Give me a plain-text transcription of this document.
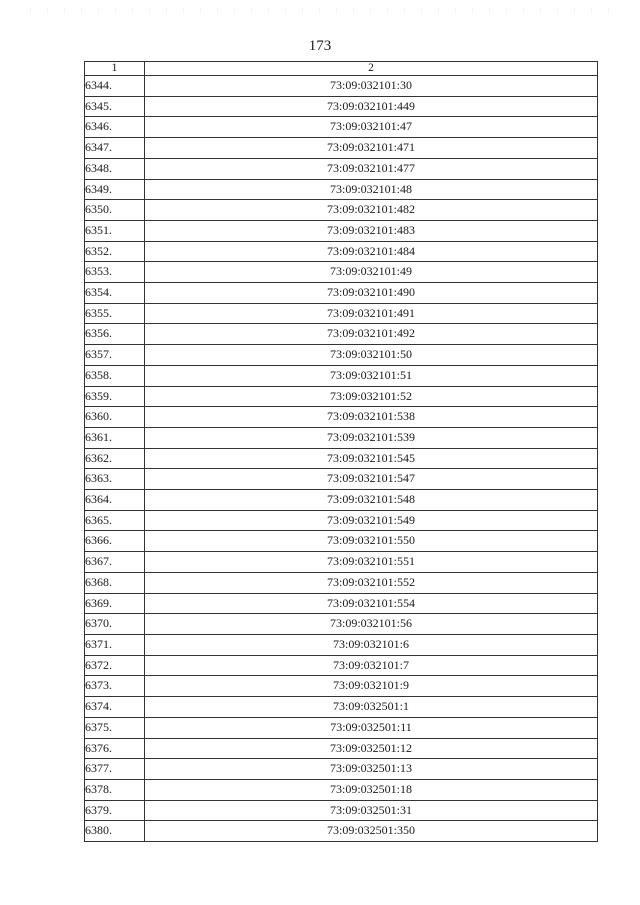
173
1	2
6344.	73:09:032101:30
6345.	73:09:032101:449
6346.	73:09:032101:47
6347.	73:09:032101:471
6348.	73:09:032101:477
6349.	73:09:032101:48
6350.	73:09:032101:482
6351.	73:09:032101:483
6352.	73:09:032101:484
6353.	73:09:032101:49
6354.	73:09:032101:490
6355.	73:09:032101:491
6356.	73:09:032101:492
6357.	73:09:032101:50
6358.	73:09:032101:51
6359.	73:09:032101:52
6360.	73:09:032101:538
6361.	73:09:032101:539
6362.	73:09:032101:545
6363.	73:09:032101:547
6364.	73:09:032101:548
6365.	73:09:032101:549
6366.	73:09:032101:550
6367.	73:09:032101:551
6368.	73:09:032101:552
6369.	73:09:032101:554
6370.	73:09:032101:56
6371.	73:09:032101:6
6372.	73:09:032101:7
6373.	73:09:032101:9
6374.	73:09:032501:1
6375.	73:09:032501:11
6376.	73:09:032501:12
6377.	73:09:032501:13
6378.	73:09:032501:18
6379.	73:09:032501:31
6380.	73:09:032501:350
